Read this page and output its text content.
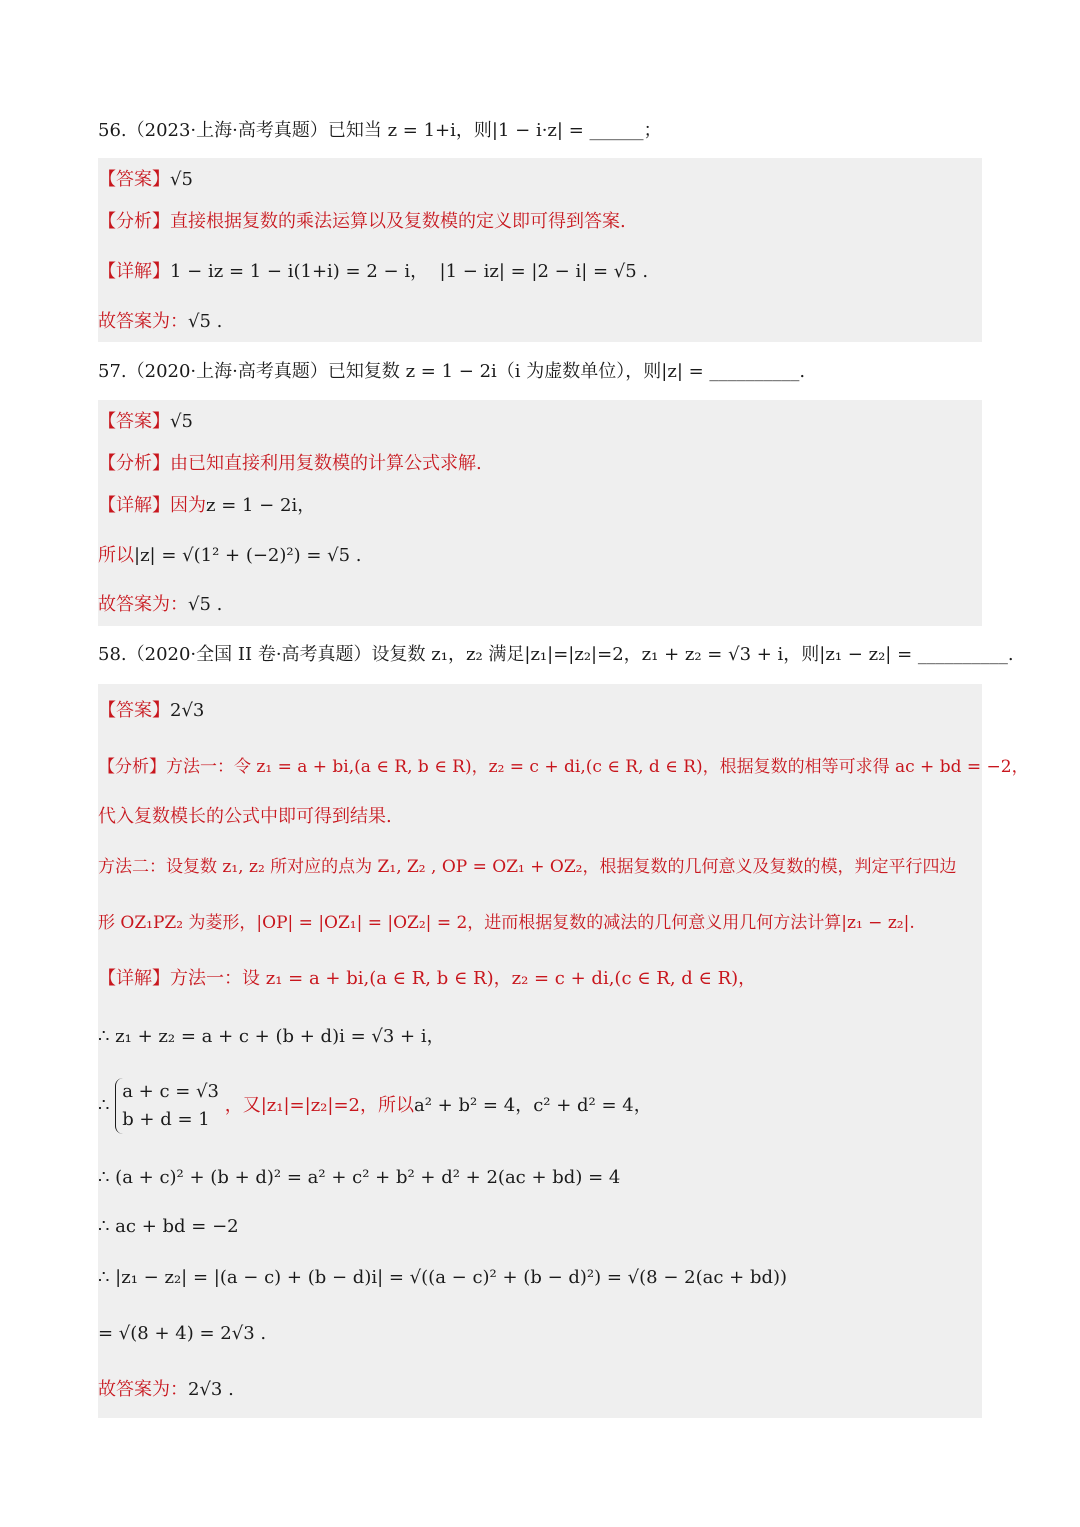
56.（2023·上海·高考真题）已知当 z = 1+i，则|1 − i·z| = ______；
【答案】√5
【分析】直接根据复数的乘法运算以及复数模的定义即可得到答案.
【详解】1 − iz = 1 − i(1+i) = 2 − i， |1 − iz| = |2 − i| = √5 .
故答案为：√5 .
57.（2020·上海·高考真题）已知复数 z = 1 − 2i（i 为虚数单位），则|z| = __________.
【答案】√5
【分析】由已知直接利用复数模的计算公式求解.
【详解】因为z = 1 − 2i，
所以|z| = √(1² + (−2)²) = √5 .
故答案为：√5 .
58.（2020·全国 II 卷·高考真题）设复数 z₁，z₂ 满足|z₁|=|z₂|=2，z₁ + z₂ = √3 + i，则|z₁ − z₂| = __________.
【答案】2√3
【分析】方法一：令 z₁ = a + bi,(a ∈ R, b ∈ R)，z₂ = c + di,(c ∈ R, d ∈ R)，根据复数的相等可求得 ac + bd = −2，
代入复数模长的公式中即可得到结果.
方法二：设复数 z₁, z₂ 所对应的点为 Z₁, Z₂ , OP = OZ₁ + OZ₂，根据复数的几何意义及复数的模，判定平行四边
形 OZ₁PZ₂ 为菱形，|OP| = |OZ₁| = |OZ₂| = 2，进而根据复数的减法的几何意义用几何方法计算|z₁ − z₂|.
【详解】方法一：设 z₁ = a + bi,(a ∈ R, b ∈ R)，z₂ = c + di,(c ∈ R, d ∈ R)，
∴ z₁ + z₂ = a + c + (b + d)i = √3 + i，
∴
a + c = √3
b + d = 1
，又|z₁|=|z₂|=2，所以a² + b² = 4，c² + d² = 4，
∴ (a + c)² + (b + d)² = a² + c² + b² + d² + 2(ac + bd) = 4
∴ ac + bd = −2
∴ |z₁ − z₂| = |(a − c) + (b − d)i| = √((a − c)² + (b − d)²) = √(8 − 2(ac + bd))
= √(8 + 4) = 2√3 .
故答案为：2√3 .
